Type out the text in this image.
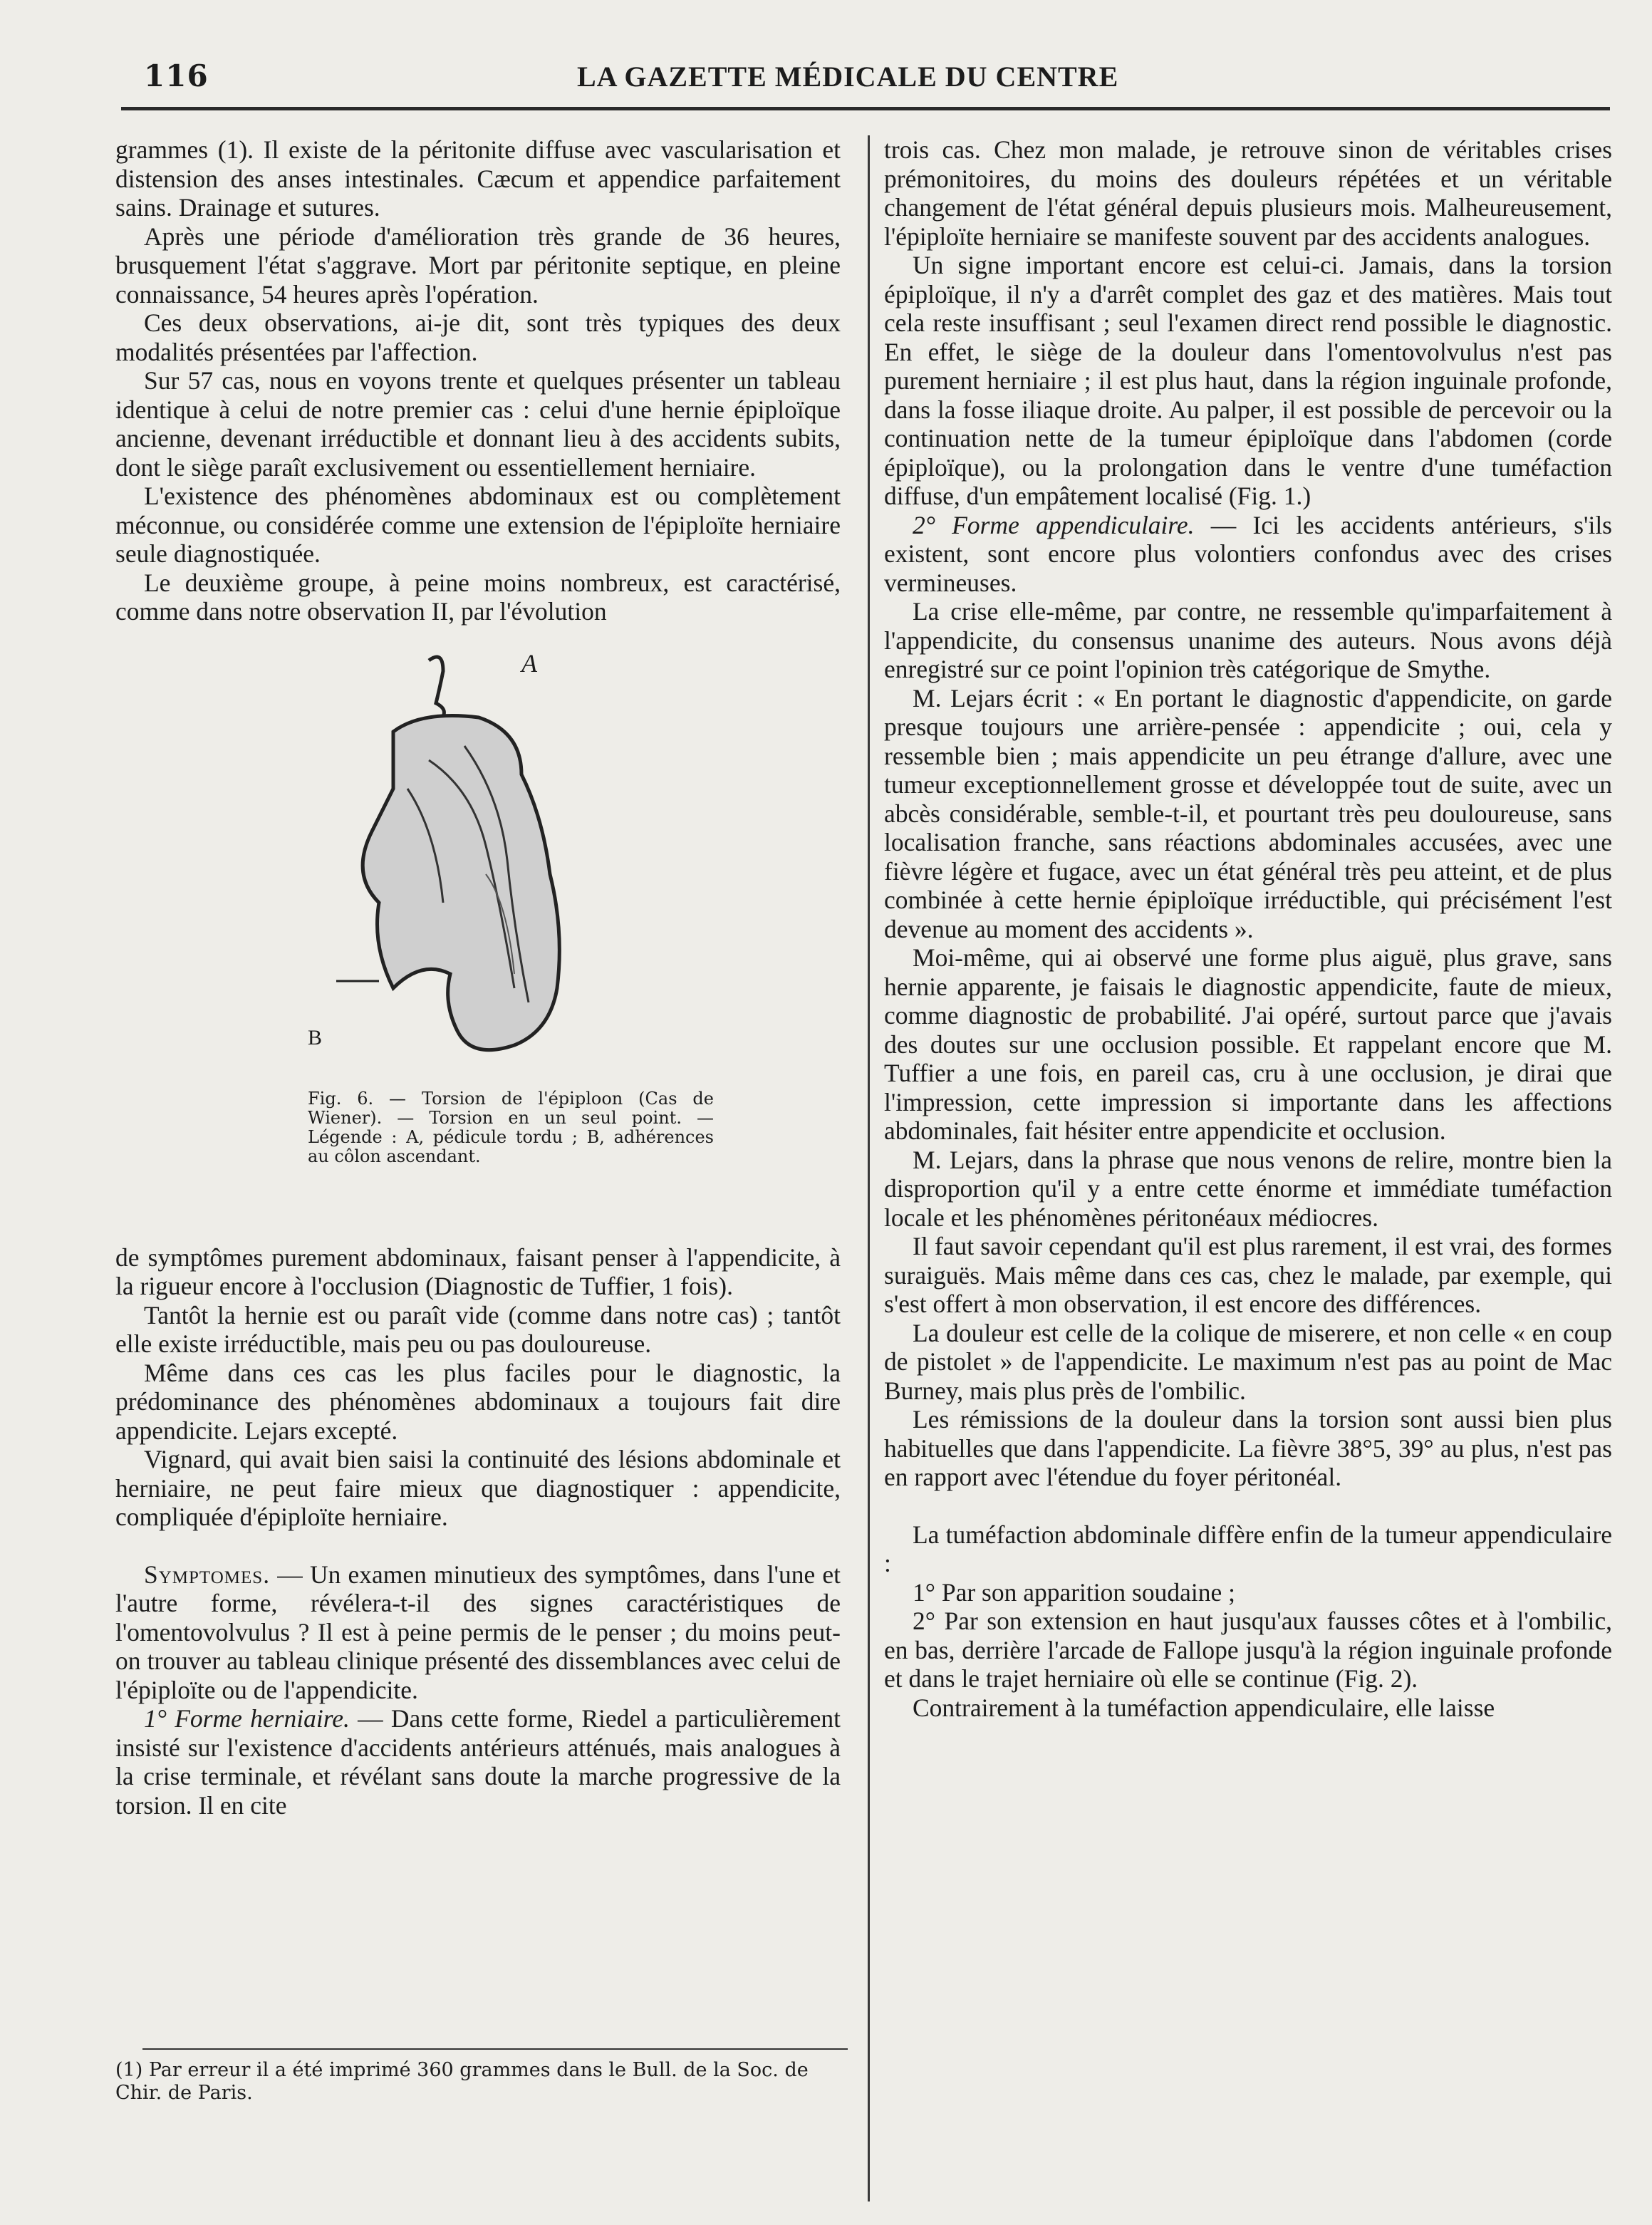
116	LA GAZETTE MÉDICALE DU CENTRE

grammes (1). Il existe de la péritonite diffuse avec vascularisation et distension des anses intestinales. Cæcum et appendice parfaitement sains. Drainage et sutures.

Après une période d'amélioration très grande de 36 heures, brusquement l'état s'aggrave. Mort par péritonite septique, en pleine connaissance, 54 heures après l'opération.

Ces deux observations, ai-je dit, sont très typiques des deux modalités présentées par l'affection.

Sur 57 cas, nous en voyons trente et quelques présenter un tableau identique à celui de notre premier cas : celui d'une hernie épiploïque ancienne, devenant irréductible et donnant lieu à des accidents subits, dont le siège paraît exclusivement ou essentiellement herniaire.

L'existence des phénomènes abdominaux est ou complètement méconnue, ou considérée comme une extension de l'épiploïte herniaire seule diagnostiquée.

Le deuxième groupe, à peine moins nombreux, est caractérisé, comme dans notre observation II, par l'évolution

A
B
Fig. 6. — Torsion de l'épiploon (Cas de Wiener). — Torsion en un seul point. — Légende : A, pédicule tordu ; B, adhérences au côlon ascendant.

de symptômes purement abdominaux, faisant penser à l'appendicite, à la rigueur encore à l'occlusion (Diagnostic de Tuffier, 1 fois).

Tantôt la hernie est ou paraît vide (comme dans notre cas) ; tantôt elle existe irréductible, mais peu ou pas douloureuse.

Même dans ces cas les plus faciles pour le diagnostic, la prédominance des phénomènes abdominaux a toujours fait dire appendicite. Lejars excepté.

Vignard, qui avait bien saisi la continuité des lésions abdominale et herniaire, ne peut faire mieux que diagnostiquer : appendicite, compliquée d'épiploïte herniaire.

Symptomes. — Un examen minutieux des symptômes, dans l'une et l'autre forme, révélera-t-il des signes caractéristiques de l'omentovolvulus ? Il est à peine permis de le penser ; du moins peut-on trouver au tableau clinique présenté des dissemblances avec celui de l'épiploïte ou de l'appendicite.

1° Forme herniaire. — Dans cette forme, Riedel a particulièrement insisté sur l'existence d'accidents antérieurs atténués, mais analogues à la crise terminale, et révélant sans doute la marche progressive de la torsion. Il en cite

(1) Par erreur il a été imprimé 360 grammes dans le Bull. de la Soc. de Chir. de Paris.

trois cas. Chez mon malade, je retrouve sinon de véritables crises prémonitoires, du moins des douleurs répétées et un véritable changement de l'état général depuis plusieurs mois. Malheureusement, l'épiploïte herniaire se manifeste souvent par des accidents analogues.

Un signe important encore est celui-ci. Jamais, dans la torsion épiploïque, il n'y a d'arrêt complet des gaz et des matières. Mais tout cela reste insuffisant ; seul l'examen direct rend possible le diagnostic. En effet, le siège de la douleur dans l'omentovolvulus n'est pas purement herniaire ; il est plus haut, dans la région inguinale profonde, dans la fosse iliaque droite. Au palper, il est possible de percevoir ou la continuation nette de la tumeur épiploïque dans l'abdomen (corde épiploïque), ou la prolongation dans le ventre d'une tuméfaction diffuse, d'un empâtement localisé (Fig. 1.)

2° Forme appendiculaire. — Ici les accidents antérieurs, s'ils existent, sont encore plus volontiers confondus avec des crises vermineuses.

La crise elle-même, par contre, ne ressemble qu'imparfaitement à l'appendicite, du consensus unanime des auteurs. Nous avons déjà enregistré sur ce point l'opinion très catégorique de Smythe.

M. Lejars écrit : « En portant le diagnostic d'appendicite, on garde presque toujours une arrière-pensée : appendicite ; oui, cela y ressemble bien ; mais appendicite un peu étrange d'allure, avec une tumeur exceptionnellement grosse et développée tout de suite, avec un abcès considérable, semble-t-il, et pourtant très peu douloureuse, sans localisation franche, sans réactions abdominales accusées, avec une fièvre légère et fugace, avec un état général très peu atteint, et de plus combinée à cette hernie épiploïque irréductible, qui précisément l'est devenue au moment des accidents ».

Moi-même, qui ai observé une forme plus aiguë, plus grave, sans hernie apparente, je faisais le diagnostic appendicite, faute de mieux, comme diagnostic de probabilité. J'ai opéré, surtout parce que j'avais des doutes sur une occlusion possible. Et rappelant encore que M. Tuffier a une fois, en pareil cas, cru à une occlusion, je dirai que l'impression, cette impression si importante dans les affections abdominales, fait hésiter entre appendicite et occlusion.

M. Lejars, dans la phrase que nous venons de relire, montre bien la disproportion qu'il y a entre cette énorme et immédiate tuméfaction locale et les phénomènes péritonéaux médiocres.

Il faut savoir cependant qu'il est plus rarement, il est vrai, des formes suraiguës. Mais même dans ces cas, chez le malade, par exemple, qui s'est offert à mon observation, il est encore des différences.

La douleur est celle de la colique de miserere, et non celle « en coup de pistolet » de l'appendicite. Le maximum n'est pas au point de Mac Burney, mais plus près de l'ombilic.

Les rémissions de la douleur dans la torsion sont aussi bien plus habituelles que dans l'appendicite. La fièvre 38°5, 39° au plus, n'est pas en rapport avec l'étendue du foyer péritonéal.

La tuméfaction abdominale diffère enfin de la tumeur appendiculaire :

1° Par son apparition soudaine ;

2° Par son extension en haut jusqu'aux fausses côtes et à l'ombilic, en bas, derrière l'arcade de Fallope jusqu'à la région inguinale profonde et dans le trajet herniaire où elle se continue (Fig. 2).

Contrairement à la tuméfaction appendiculaire, elle laisse
